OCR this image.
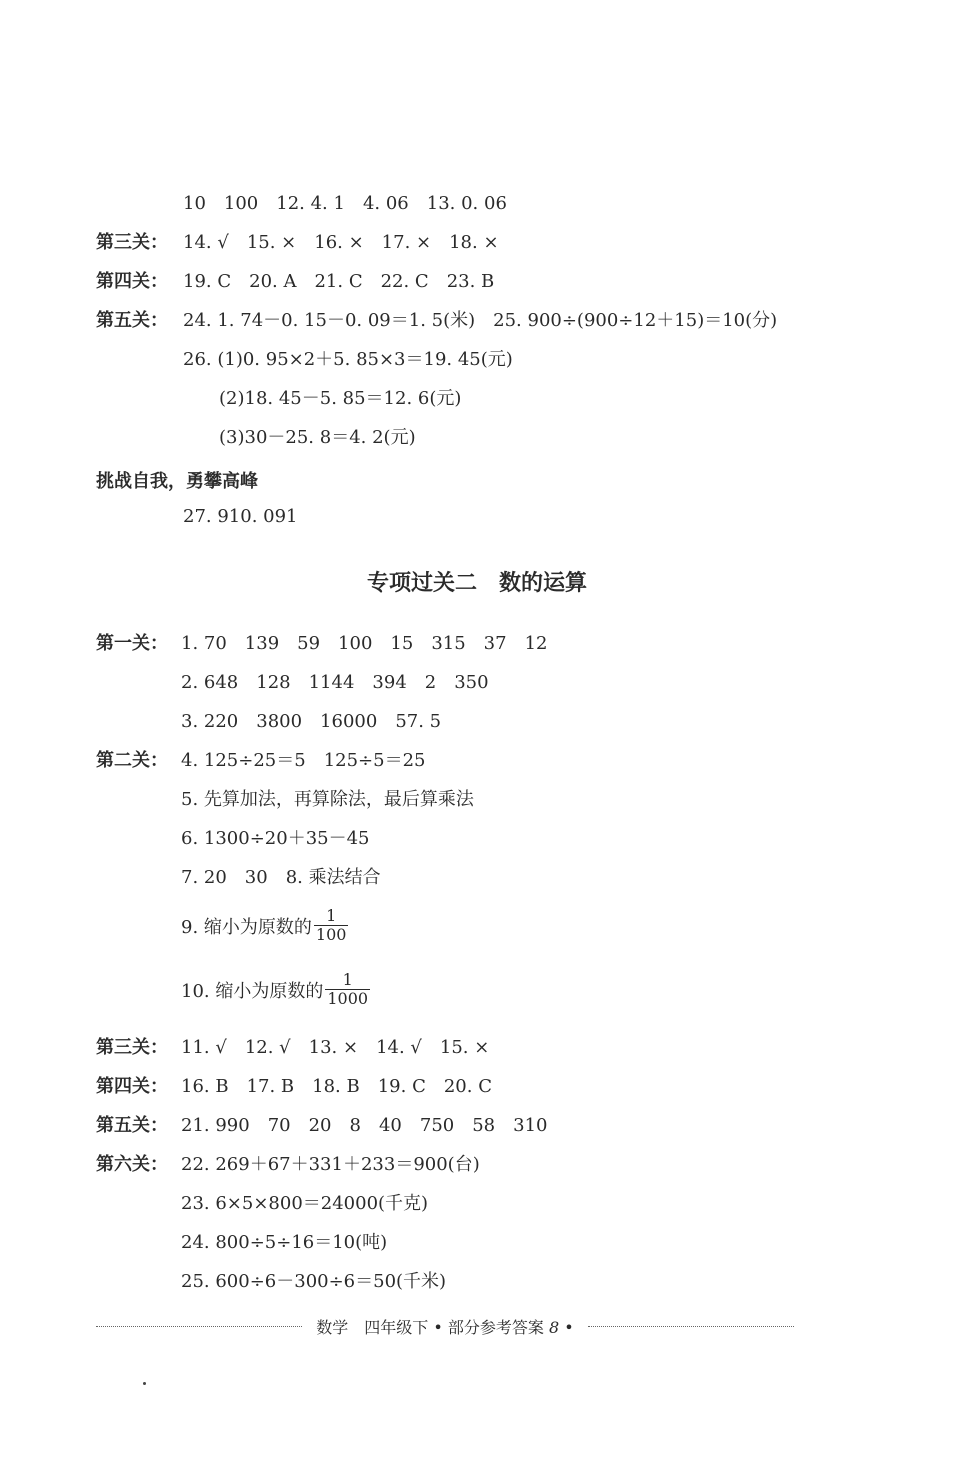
10　100　12. 4. 1　4. 06　13. 0. 06
第三关： 14. √　15. ×　16. ×　17. ×　18. ×
第四关： 19. C　20. A　21. C　22. C　23. B
第五关： 24. 1. 74－0. 15－0. 09＝1. 5(米)　25. 900÷(900÷12＋15)＝10(分)
26. (1)0. 95×2＋5. 85×3＝19. 45(元)
(2)18. 45－5. 85＝12. 6(元)
(3)30－25. 8＝4. 2(元)
挑战自我，勇攀高峰
27. 910. 091
专项过关二　数的运算
第一关： 1. 70　139　59　100　15　315　37　12
2. 648　128　1144　394　2　350
3. 220　3800　16000　57. 5
第二关： 4. 125÷25＝5　125÷5＝25
5. 先算加法，再算除法，最后算乘法
6. 1300÷20＋35－45
7. 20　30　8. 乘法结合
9. 缩小为原数的 $\frac{1}{100}$
10. 缩小为原数的 $\frac{1}{1000}$
第三关： 11. √　12. √　13. ×　14. √　15. ×
第四关： 16. B　17. B　18. B　19. C　20. C
第五关： 21. 990　70　20　8　40　750　58　310
第六关： 22. 269＋67＋331＋233＝900(台)
23. 6×5×800＝24000(千克)
24. 800÷5÷16＝10(吨)
25. 600÷6－300÷6＝50(千米)
数学　四年级下 • 部分参考答案 8 •
